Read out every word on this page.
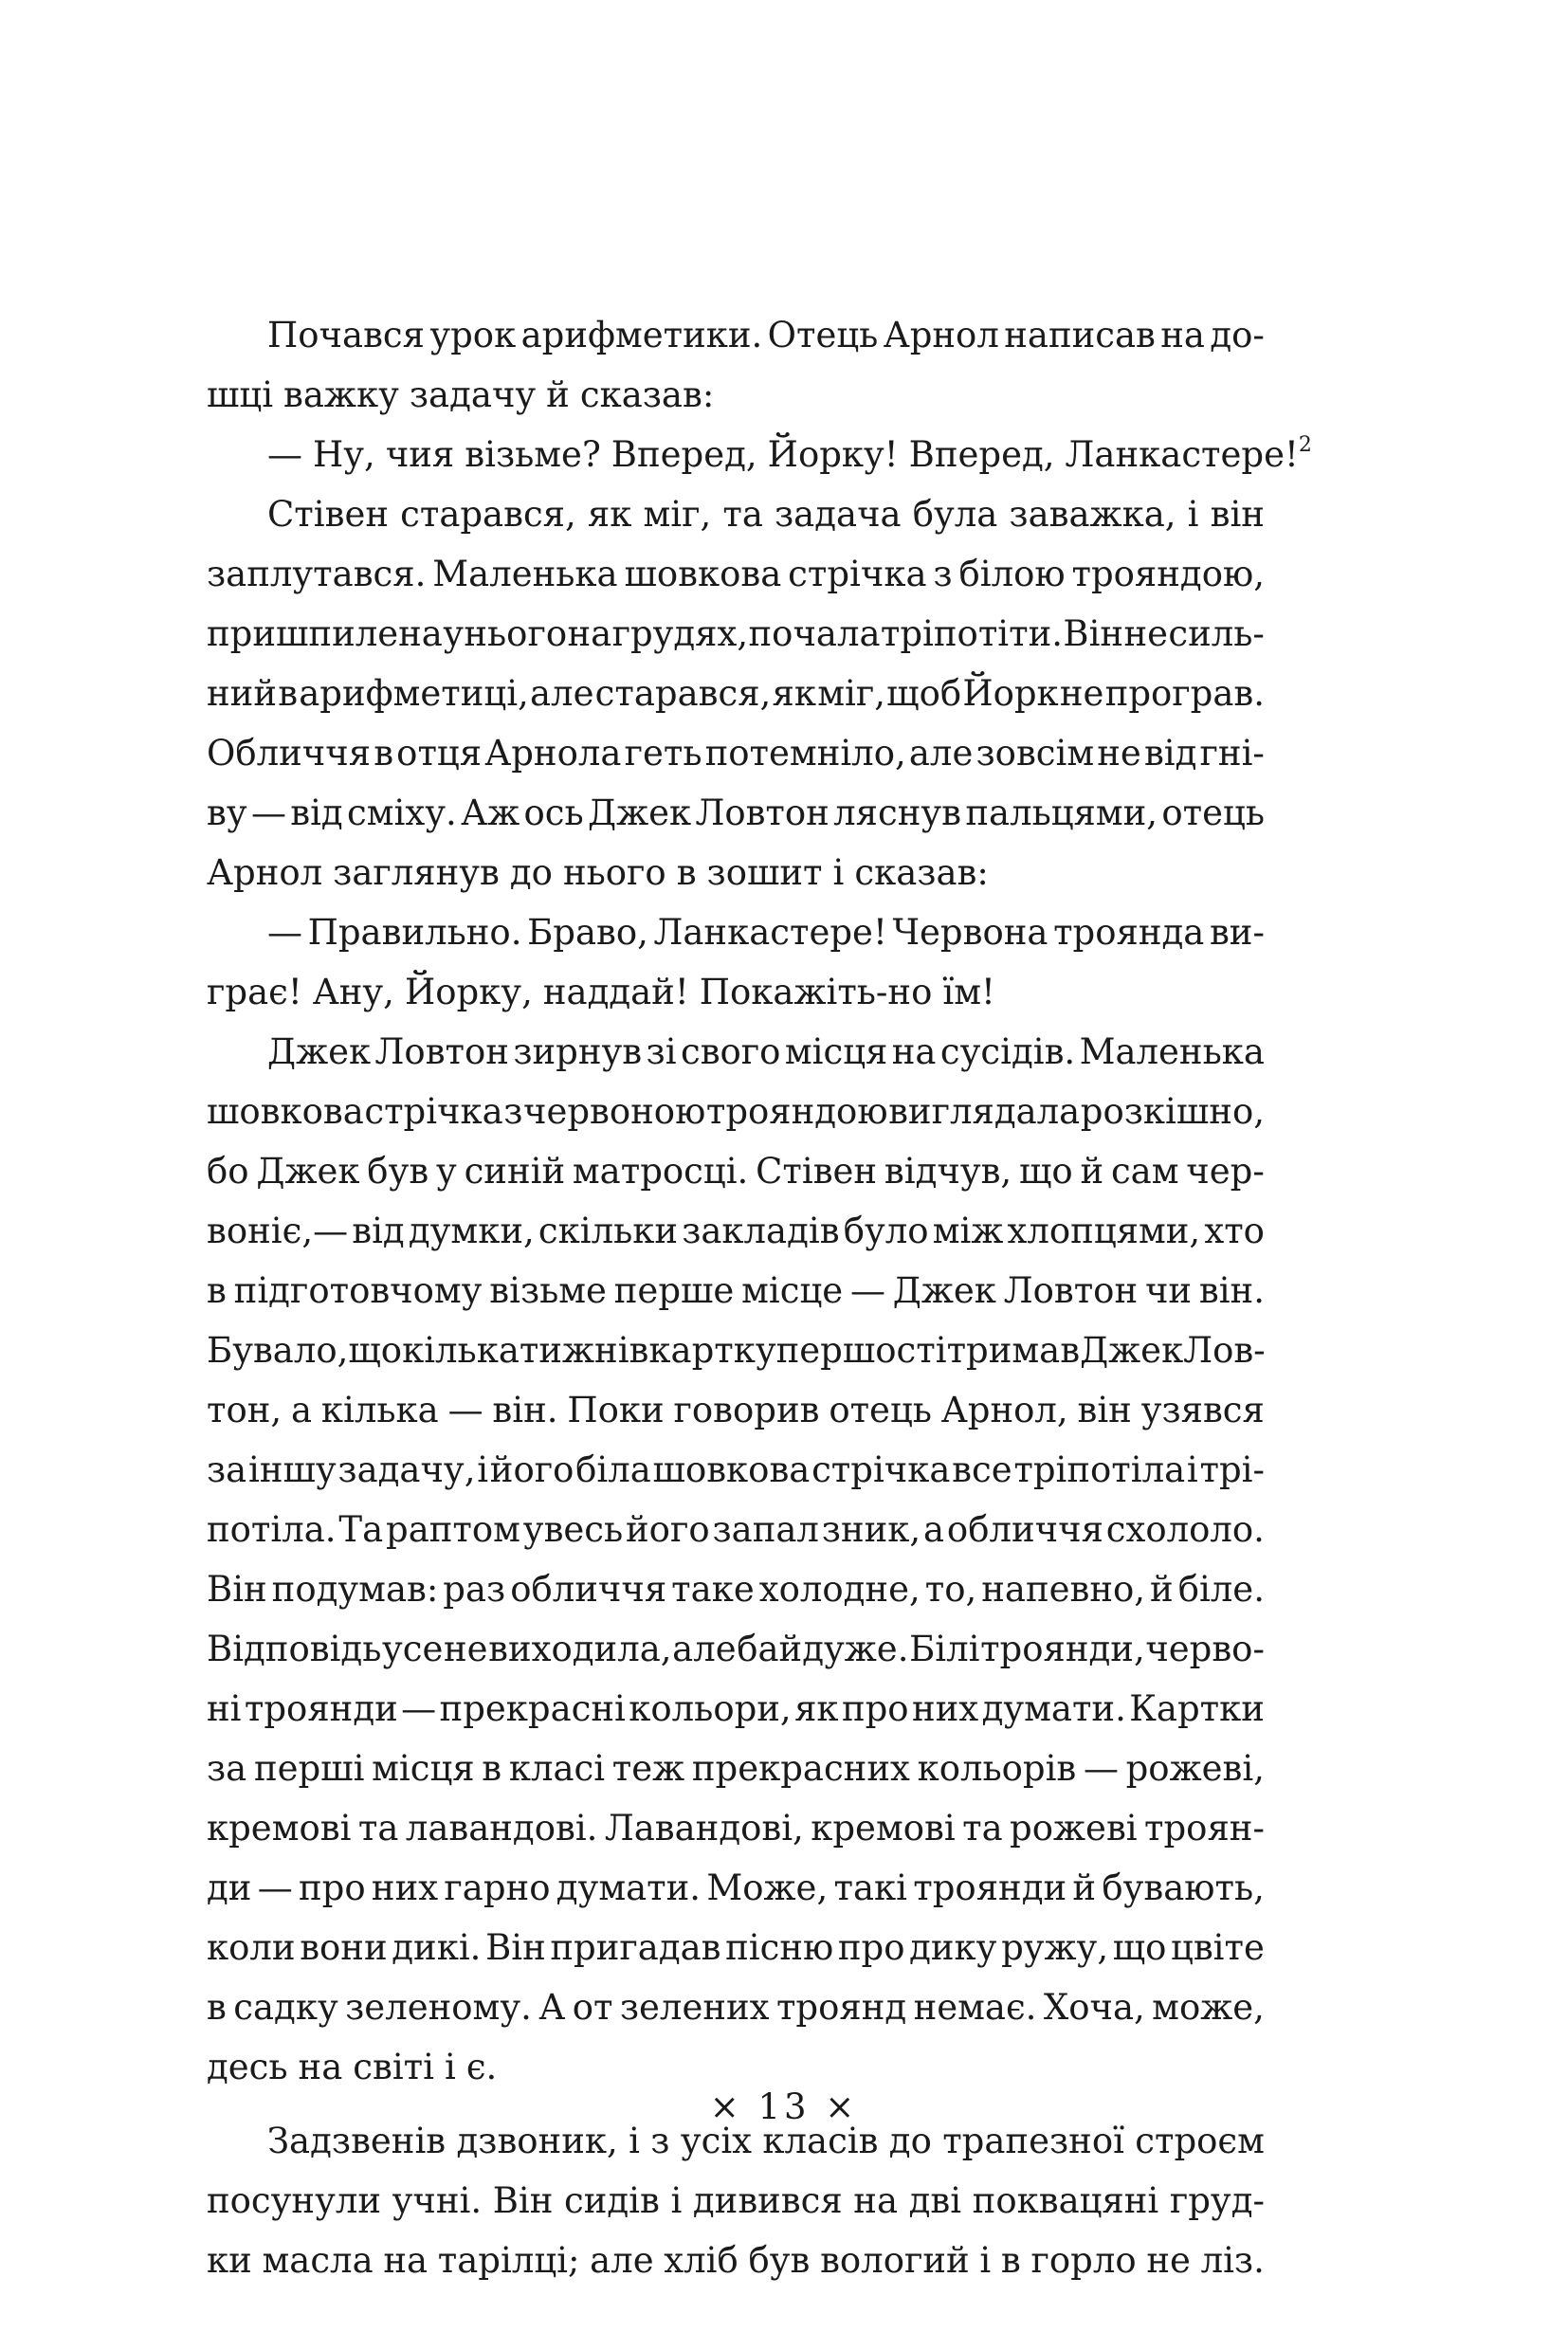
Почався урок арифметики. Отець Арнол написав на до-
шці важку задачу й сказав:
— Ну, чия візьме? Вперед, Йорку! Вперед, Ланкастере!$^2$
Стівен старався, як міг, та задача була заважка, і він
заплутався. Маленька шовкова стрічка з білою трояндою,
пришпилена у нього на грудях, почала тріпотіти. Він не силь-
ний в арифметиці, але старався, як міг, щоб Йорк не програв.
Обличчя в отця Арнола геть потемніло, але зовсім не від гні-
ву — від сміху. Аж ось Джек Ловтон ляснув пальцями, отець
Арнол заглянув до нього в зошит і сказав:
— Правильно. Браво, Ланкастере! Червона троянда ви-
грає! Ану, Йорку, наддай! Покажіть-но їм!
Джек Ловтон зирнув зі свого місця на сусідів. Маленька
шовкова стрічка з червоною трояндою виглядала розкішно,
бо Джек був у синій матросці. Стівен відчув, що й сам чер-
воніє,— від думки, скільки закладів було між хлопцями, хто
в підготовчому візьме перше місце — Джек Ловтон чи він.
Бувало, що кілька тижнів картку першості тримав Джек Лов-
тон, а кілька — він. Поки говорив отець Арнол, він узявся
за іншу задачу, і його біла шовкова стрічка все тріпотіла і трі-
потіла. Та раптом увесь його запал зник, а обличчя схололо.
Він подумав: раз обличчя таке холодне, то, напевно, й біле.
Відповідь усе не виходила, але байдуже. Білі троянди, черво-
ні троянди — прекрасні кольори, як про них думати. Картки
за перші місця в класі теж прекрасних кольорів — рожеві,
кремові та лавандові. Лавандові, кремові та рожеві троян-
ди — про них гарно думати. Може, такі троянди й бувають,
коли вони дикі. Він пригадав пісню про дику ружу, що цвіте
в садку зеленому. А от зелених троянд немає. Хоча, може,
десь на світі і є.
Задзвенів дзвоник, і з усіх класів до трапезної строєм
посунули учні. Він сидів і дивився на дві поквацяні груд-
ки масла на тарілці; але хліб був вологий і в горло не ліз.
× 13 ×
